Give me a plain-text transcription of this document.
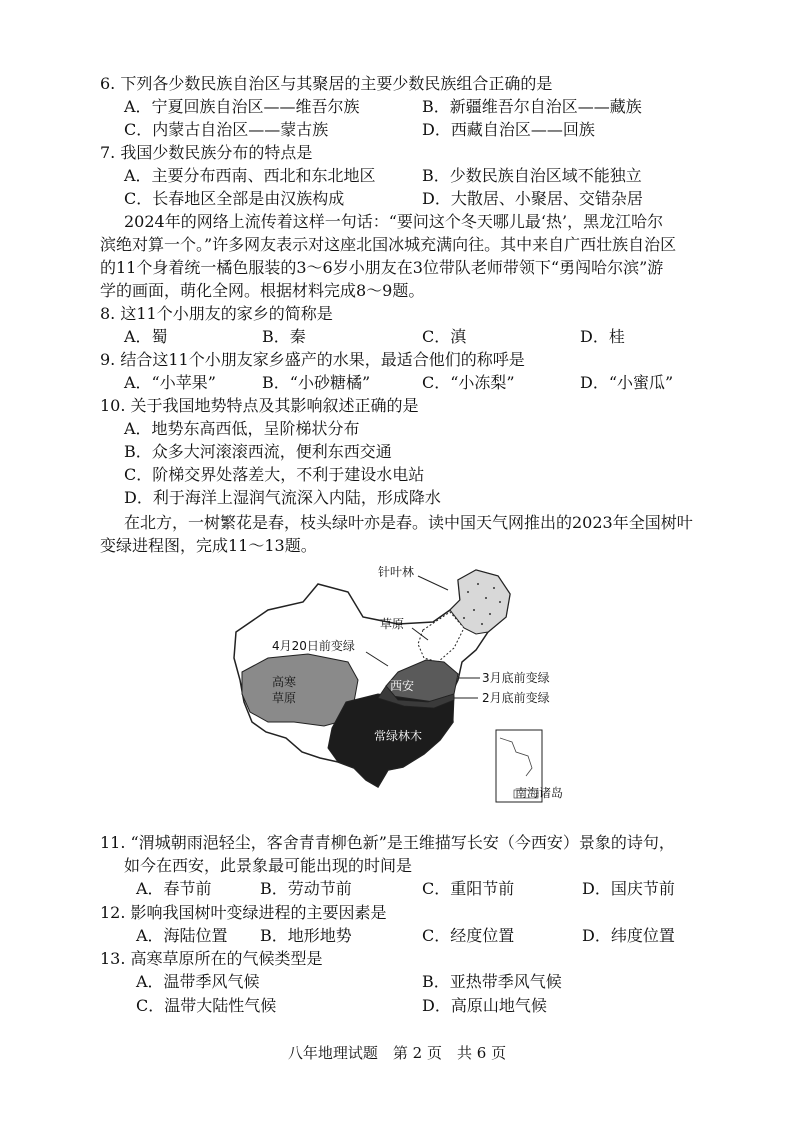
6. 下列各少数民族自治区与其聚居的主要少数民族组合正确的是
A．宁夏回族自治区——维吾尔族	B．新疆维吾尔自治区——藏族
C．内蒙古自治区——蒙古族	D．西藏自治区——回族
7. 我国少数民族分布的特点是
A．主要分布西南、西北和东北地区	B．少数民族自治区域不能独立
C．长春地区全部是由汉族构成	D．大散居、小聚居、交错杂居
2024年的网络上流传着这样一句话：“要问这个冬天哪儿最‘热’，黑龙江哈尔
滨绝对算一个。”许多网友表示对这座北国冰城充满向往。其中来自广西壮族自治区
的11个身着统一橘色服装的3～6岁小朋友在3位带队老师带领下“勇闯哈尔滨”游
学的画面，萌化全网。根据材料完成8～9题。
8. 这11个小朋友的家乡的简称是
A．蜀	B．秦	C．滇	D．桂
9. 结合这11个小朋友家乡盛产的水果，最适合他们的称呼是
A．“小苹果”	B．“小砂糖橘”	C．“小冻梨”	D．“小蜜瓜”
10. 关于我国地势特点及其影响叙述正确的是
A．地势东高西低，呈阶梯状分布
B．众多大河滚滚西流，便利东西交通
C．阶梯交界处落差大，不利于建设水电站
D．利于海洋上湿润气流深入内陆，形成降水
在北方，一树繁花是春，枝头绿叶亦是春。读中国天气网推出的2023年全国树叶
变绿进程图，完成11～13题。
南海诸岛
针叶林
草原
4月20日前变绿
高寒
草原
西安
3月底前变绿
2月底前变绿
常绿林木
11. “渭城朝雨浥轻尘，客舍青青柳色新”是王维描写长安（今西安）景象的诗句，
如今在西安，此景象最可能出现的时间是
A．春节前	B．劳动节前	C．重阳节前	D．国庆节前
12. 影响我国树叶变绿进程的主要因素是
A．海陆位置 B．地形地势	C．经度位置	D．纬度位置
13. 高寒草原所在的气候类型是
A．温带季风气候	B．亚热带季风气候
C．温带大陆性气候	D．高原山地气候
八年地理试题　第 2 页　共 6 页
